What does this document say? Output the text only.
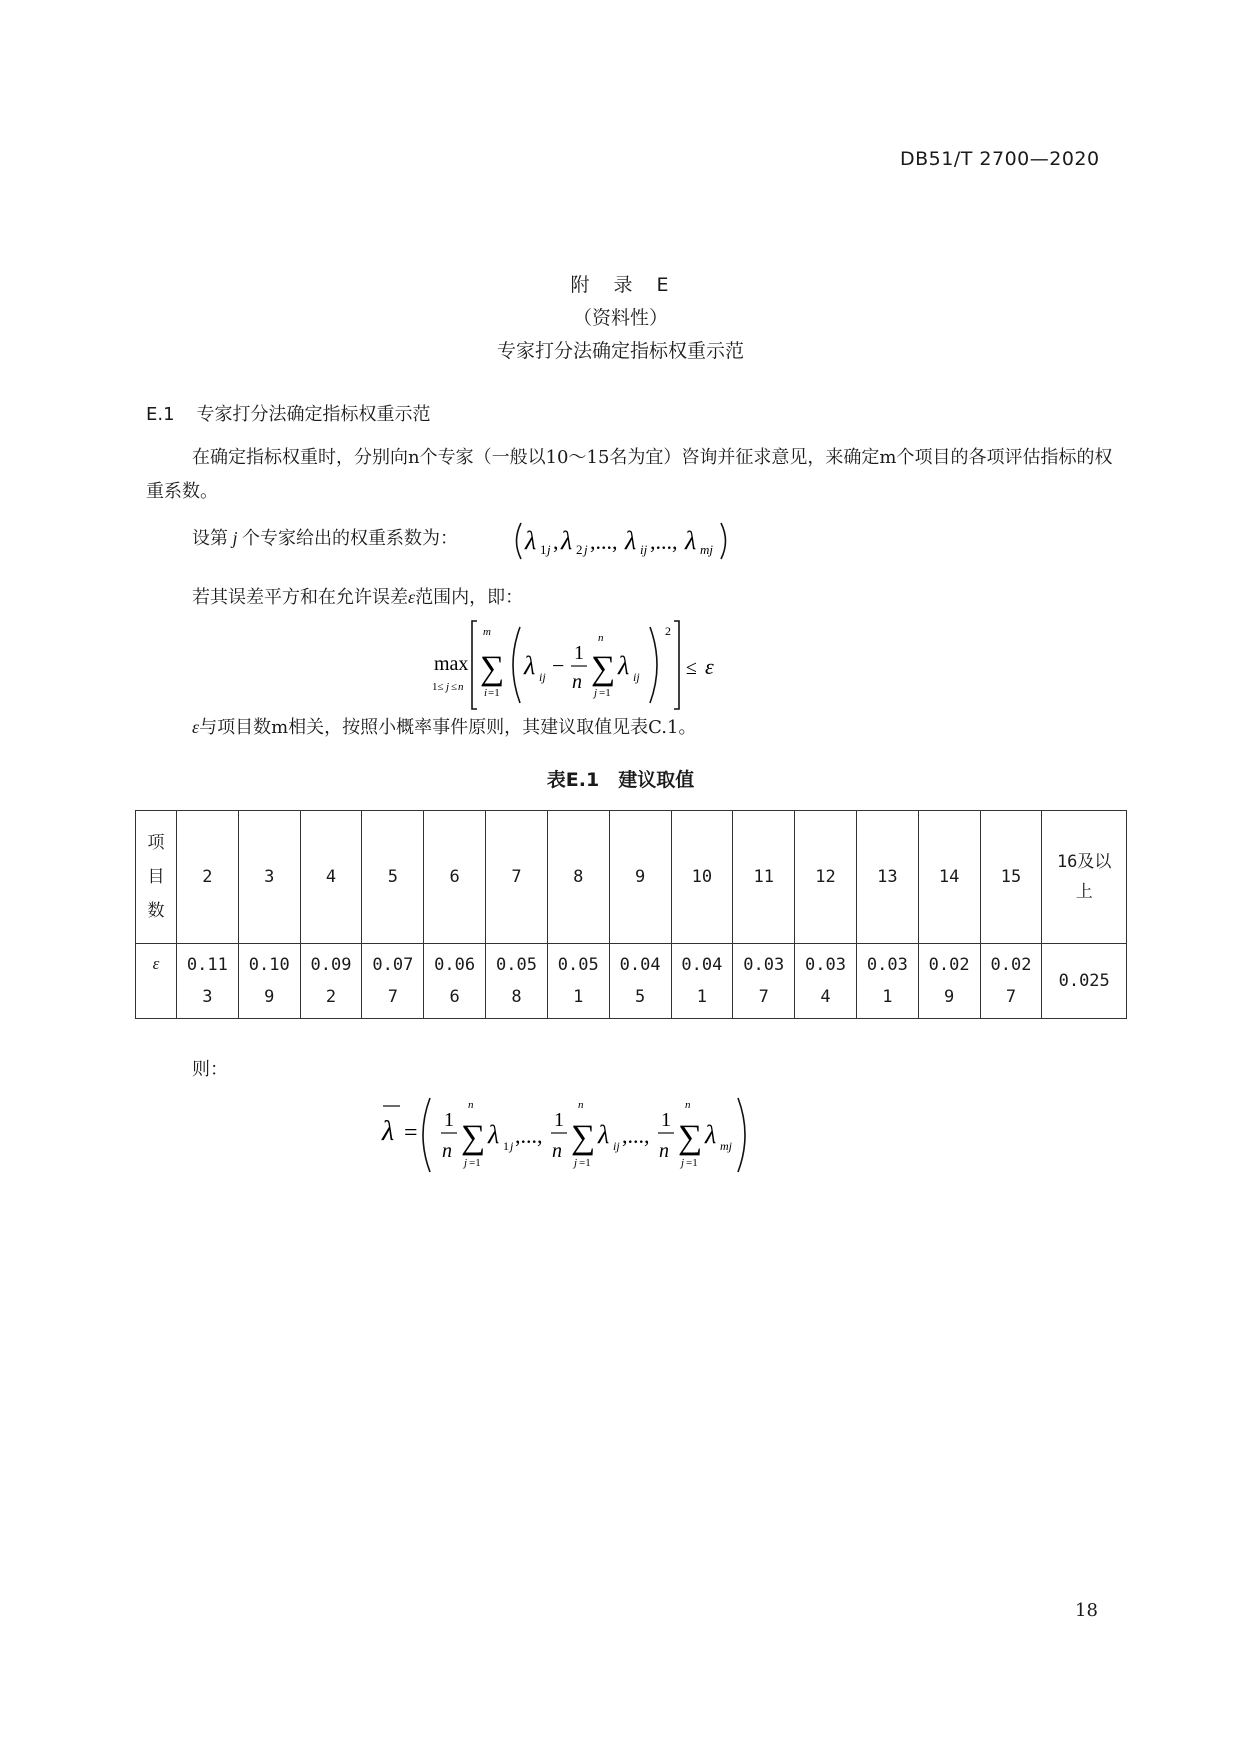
DB51/T 2700—2020
附 录 E
（资料性）
专家打分法确定指标权重示范
E.1 专家打分法确定指标权重示范
在确定指标权重时，分别向n个专家（一般以10～15名为宜）咨询并征求意见，来确定m个项目的各项评估指标的权重系数。
设第 j 个专家给出的权重系数为：	λ 1 j , λ 2 j ,..., λ ij ,..., λ mj
若其误差平方和在允许误差ε范围内，即：
max
1≤ j ≤ n
m
∑
i =1
λ ij − 1
n
n
∑
j =1
λ ij
2
≤ ε
ε与项目数m相关，按照小概率事件原则，其建议取值见表C.1。
表E.1　建议取值
项
目
数	2	3	4	5	6	7	8	9	10	11	12	13	14	15	16及以上
ε	0.113	0.109	0.092	0.077	0.066	0.058	0.051	0.045	0.041	0.037	0.034	0.031	0.029	0.027	0.025
则：
λ = 1
n
n
∑
j =1
λ 1 j ,...,
1
n
n
∑
j =1
λ ij ,...,
1
n
n
∑
j =1
λ mj
18
